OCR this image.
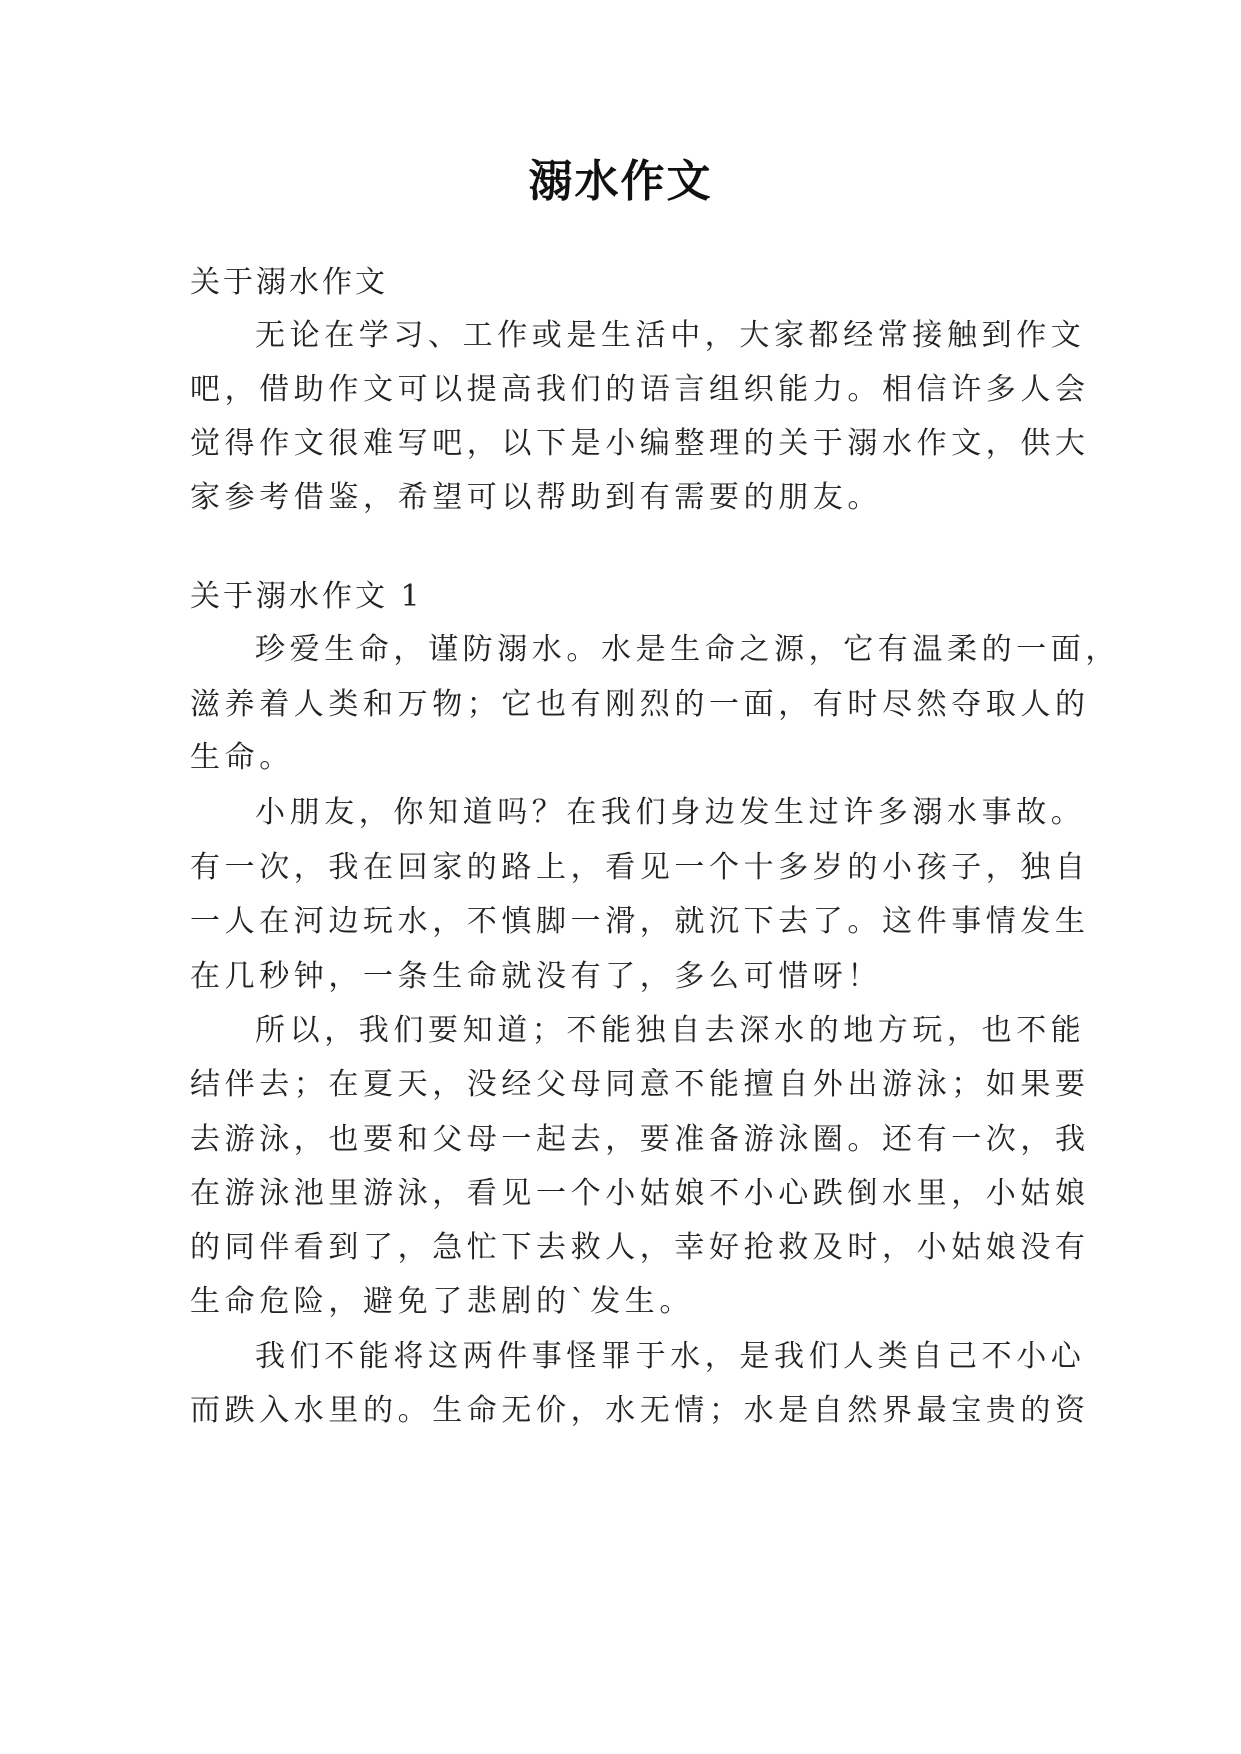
溺水作文
关于溺水作文
无论在学习、工作或是生活中，大家都经常接触到作文
吧，借助作文可以提高我们的语言组织能力。相信许多人会
觉得作文很难写吧，以下是小编整理的关于溺水作文，供大
家参考借鉴，希望可以帮助到有需要的朋友。
关于溺水作文 1
珍爱生命，谨防溺水。水是生命之源，它有温柔的一面，
滋养着人类和万物；它也有刚烈的一面，有时尽然夺取人的
生命。
小朋友，你知道吗？在我们身边发生过许多溺水事故。
有一次，我在回家的路上，看见一个十多岁的小孩子，独自
一人在河边玩水，不慎脚一滑，就沉下去了。这件事情发生
在几秒钟，一条生命就没有了，多么可惜呀！
所以，我们要知道；不能独自去深水的地方玩，也不能
结伴去；在夏天，没经父母同意不能擅自外出游泳；如果要
去游泳，也要和父母一起去，要准备游泳圈。还有一次，我
在游泳池里游泳，看见一个小姑娘不小心跌倒水里，小姑娘
的同伴看到了，急忙下去救人，幸好抢救及时，小姑娘没有
生命危险，避免了悲剧的`发生。
我们不能将这两件事怪罪于水，是我们人类自己不小心
而跌入水里的。生命无价，水无情；水是自然界最宝贵的资
